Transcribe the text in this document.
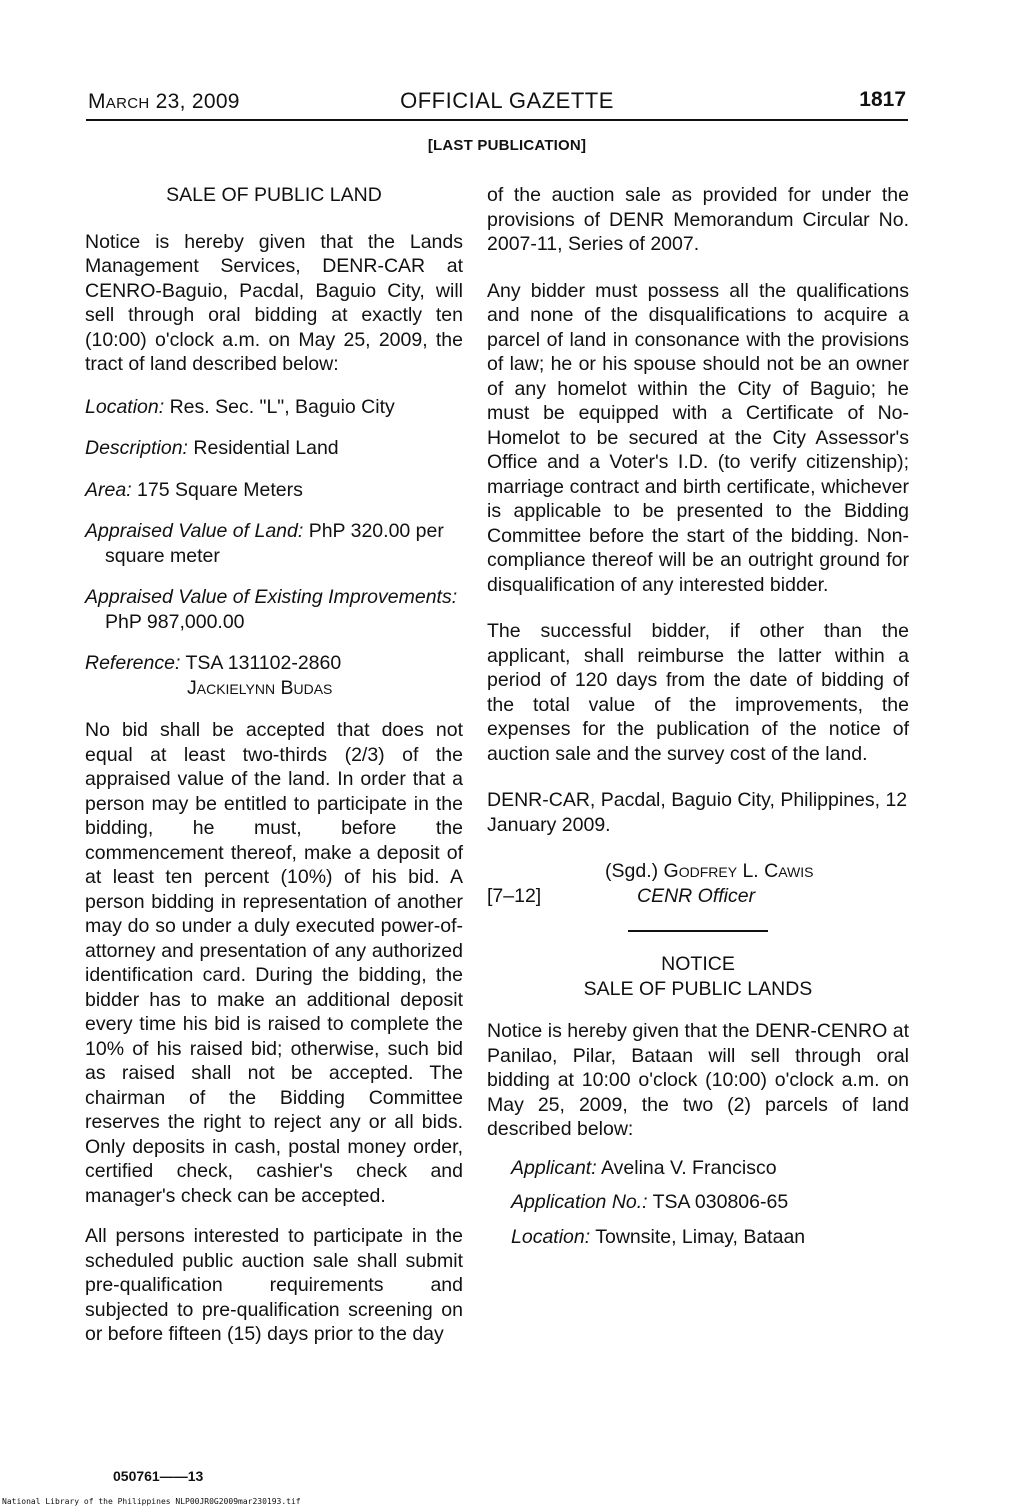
March 23, 2009	OFFICIAL GAZETTE	1817
[LAST PUBLICATION]

SALE OF PUBLIC LAND

Notice is hereby given that the Lands Management Services, DENR-CAR at CENRO-Baguio, Pacdal, Baguio City, will sell through oral bidding at exactly ten (10:00) o'clock a.m. on May 25, 2009, the tract of land described below:

Location: Res. Sec. "L", Baguio City

Description: Residential Land

Area: 175 Square Meters

Appraised Value of Land: PhP 320.00 per square meter

Appraised Value of Existing Improvements: PhP 987,000.00

Reference: TSA 131102-2860

Jackielynn Budas

No bid shall be accepted that does not equal at least two-thirds (2/3) of the appraised value of the land. In order that a person may be entitled to participate in the bidding, he must, before the commencement thereof, make a deposit of at least ten percent (10%) of his bid. A person bidding in representation of another may do so under a duly executed power-of-attorney and presentation of any authorized identification card. During the bidding, the bidder has to make an additional deposit every time his bid is raised to complete the 10% of his raised bid; otherwise, such bid as raised shall not be accepted. The chairman of the Bidding Committee reserves the right to reject any or all bids. Only deposits in cash, postal money order, certified check, cashier's check and manager's check can be accepted.

All persons interested to participate in the scheduled public auction sale shall submit pre-qualification requirements and subjected to pre-qualification screening on or before fifteen (15) days prior to the day

of the auction sale as provided for under the provisions of DENR Memorandum Circular No. 2007-11, Series of 2007.

Any bidder must possess all the qualifications and none of the disqualifications to acquire a parcel of land in consonance with the provisions of law; he or his spouse should not be an owner of any homelot within the City of Baguio; he must be equipped with a Certificate of No-Homelot to be secured at the City Assessor's Office and a Voter's I.D. (to verify citizenship); marriage contract and birth certificate, whichever is applicable to be presented to the Bidding Committee before the start of the bidding. Non-compliance thereof will be an outright ground for disqualification of any interested bidder.

The successful bidder, if other than the applicant, shall reimburse the latter within a period of 120 days from the date of bidding of the total value of the improvements, the expenses for the publication of the notice of auction sale and the survey cost of the land.

DENR-CAR, Pacdal, Baguio City, Philippines, 12 January 2009.

(Sgd.) Godfrey L. Cawis

[7–12]	CENR Officer

NOTICE

SALE OF PUBLIC LANDS

Notice is hereby given that the DENR-CENRO at Panilao, Pilar, Bataan will sell through oral bidding at 10:00 o'clock (10:00) o'clock a.m. on May 25, 2009, the two (2) parcels of land described below:

Applicant: Avelina V. Francisco

Application No.: TSA 030806-65

Location: Townsite, Limay, Bataan

050761——13
National Library of the Philippines NLP00JR0G2009mar230193.tif
